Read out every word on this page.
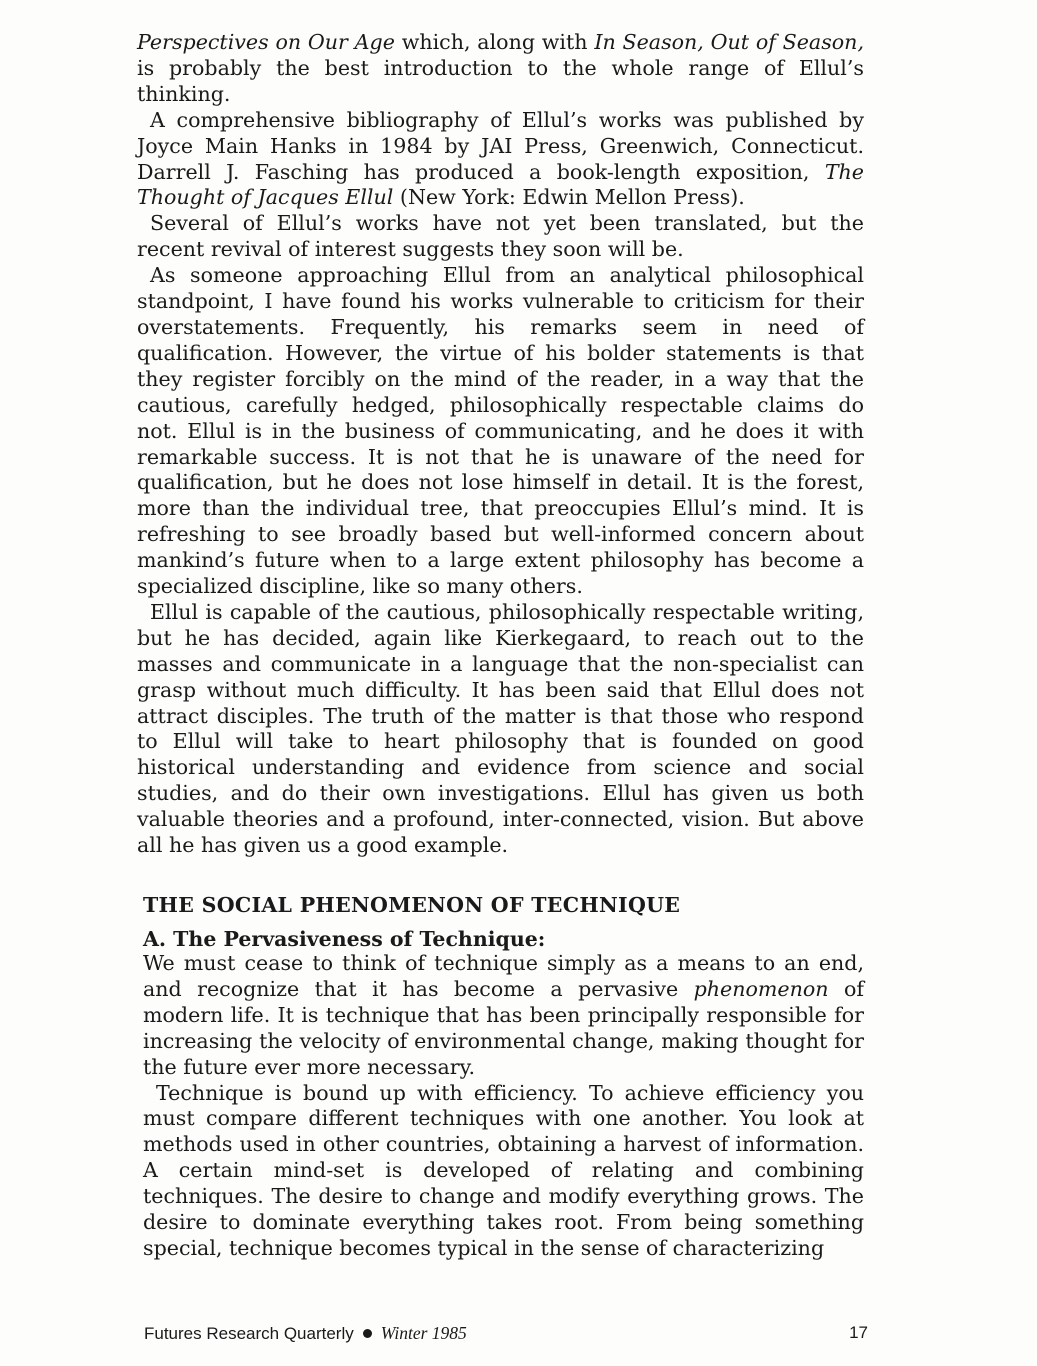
Perspectives on Our Age which, along with In Season, Out of Season, is probably the best introduction to the whole range of Ellul’s thinking.

A comprehensive bibliography of Ellul’s works was published by Joyce Main Hanks in 1984 by JAI Press, Greenwich, Connecticut. Darrell J. Fasching has produced a book-length exposition, The Thought of Jacques Ellul (New York: Edwin Mellon Press).

Several of Ellul’s works have not yet been translated, but the recent revival of interest suggests they soon will be.

As someone approaching Ellul from an analytical philosophical standpoint, I have found his works vulnerable to criticism for their overstatements. Frequently, his remarks seem in need of qualification. However, the virtue of his bolder statements is that they register forcibly on the mind of the reader, in a way that the cautious, carefully hedged, philosophically respectable claims do not. Ellul is in the business of communicating, and he does it with remarkable success. It is not that he is unaware of the need for qualification, but he does not lose himself in detail. It is the forest, more than the individual tree, that preoccupies Ellul’s mind. It is refreshing to see broadly based but well-informed concern about mankind’s future when to a large extent philosophy has become a specialized discipline, like so many others.

Ellul is capable of the cautious, philosophically respectable writing, but he has decided, again like Kierkegaard, to reach out to the masses and communicate in a language that the non-specialist can grasp without much difficulty. It has been said that Ellul does not attract disciples. The truth of the matter is that those who respond to Ellul will take to heart philosophy that is founded on good historical understanding and evidence from science and social studies, and do their own investigations. Ellul has given us both valuable theories and a profound, inter-connected, vision. But above all he has given us a good example.

THE SOCIAL PHENOMENON OF TECHNIQUE
A. The Pervasiveness of Technique:

We must cease to think of technique simply as a means to an end, and recognize that it has become a pervasive phenomenon of modern life. It is technique that has been principally responsible for increasing the velocity of environmental change, making thought for the future ever more necessary.

Technique is bound up with efficiency. To achieve efficiency you must compare different techniques with one another. You look at methods used in other countries, obtaining a harvest of information. A certain mind-set is developed of relating and combining techniques. The desire to change and modify everything grows. The desire to dominate everything takes root. From being something special, technique becomes typical in the sense of characterizing

Futures Research Quarterly Winter 1985	17
